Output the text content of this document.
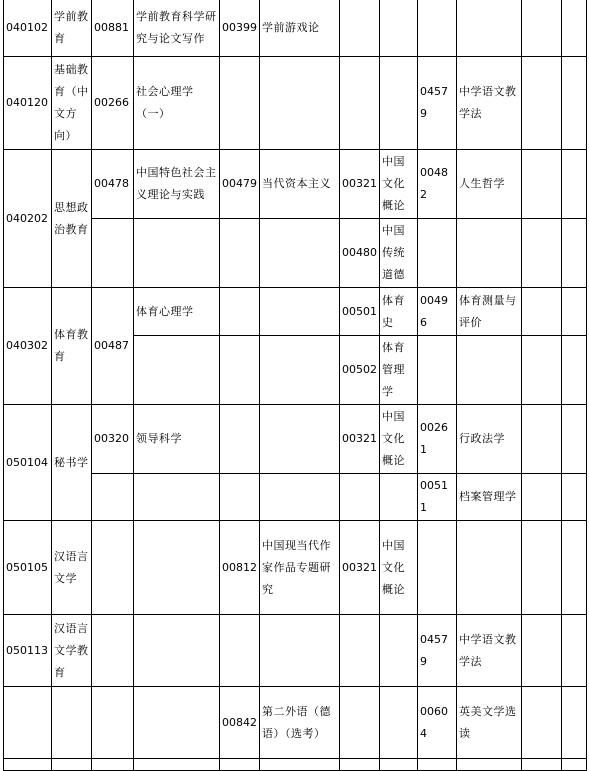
040102	学前教育	00881	学前教育科学研究与论文写作	00399	学前游戏论						
040120	基础教育（中文方向）	00266	社会心理学（一）					04579	中学语文教学法		
040202	思想政治教育	00478	中国特色社会主义理论与实践	00479	当代资本主义	00321	中国文化概论	00482	人生哲学		
						00480	中国传统道德				
040302	体育教育	00487	体育心理学			00501	体育史	00496	体育测量与评价		
						00502	体育管理学				
050104	秘书学	00320	领导科学			00321	中国文化概论	00261	行政法学		
								00511	档案管理学		
050105	汉语言文学			00812	中国现当代作家作品专题研究	00321	中国文化概论				
050113	汉语言文学教育							04579	中学语文教学法		
				00842	第二外语（德语）（选考）			00604	英美文学选读		
